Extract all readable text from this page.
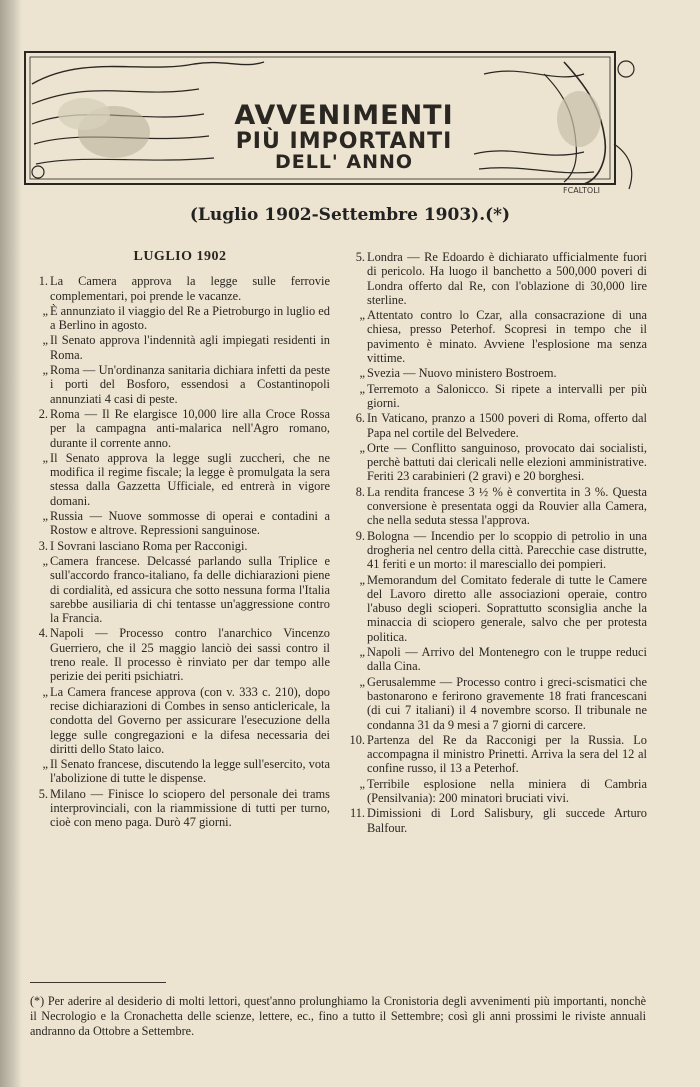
AVVENIMENTI
PIÙ IMPORTANTI
DELL' ANNO
FCALTOLI
(Luglio 1902-Settembre 1903).(*)
LUGLIO 1902
1. La Camera approva la legge sulle ferrovie complementari, poi prende le vacanze.
„ È annunziato il viaggio del Re a Pietroburgo in luglio ed a Berlino in agosto.
„ Il Senato approva l'indennità agli impiegati residenti in Roma.
„ Roma — Un'ordinanza sanitaria dichiara infetti da peste i porti del Bosforo, essendosi a Costantinopoli annunziati 4 casi di peste.
2. Roma — Il Re elargisce 10,000 lire alla Croce Rossa per la campagna anti-malarica nell'Agro romano, durante il corrente anno.
„ Il Senato approva la legge sugli zuccheri, che ne modifica il regime fiscale; la legge è promulgata la sera stessa dalla Gazzetta Ufficiale, ed entrerà in vigore domani.
„ Russia — Nuove sommosse di operai e contadini a Rostow e altrove. Repressioni sanguinose.
3. I Sovrani lasciano Roma per Racconigi.
„ Camera francese. Delcassé parlando sulla Triplice e sull'accordo franco-italiano, fa delle dichiarazioni piene di cordialità, ed assicura che sotto nessuna forma l'Italia sarebbe ausiliaria di chi tentasse un'aggressione contro la Francia.
4. Napoli — Processo contro l'anarchico Vincenzo Guerriero, che il 25 maggio lanciò dei sassi contro il treno reale. Il processo è rinviato per dar tempo alle perizie dei periti psichiatri.
„ La Camera francese approva (con v. 333 c. 210), dopo recise dichiarazioni di Combes in senso anticlericale, la condotta del Governo per assicurare l'esecuzione della legge sulle congregazioni e la difesa necessaria dei diritti dello Stato laico.
„ Il Senato francese, discutendo la legge sull'esercito, vota l'abolizione di tutte le dispense.
5. Milano — Finisce lo sciopero del personale dei trams interprovinciali, con la riammissione di tutti per turno, cioè con meno paga. Durò 47 giorni.
5. Londra — Re Edoardo è dichiarato ufficialmente fuori di pericolo. Ha luogo il banchetto a 500,000 poveri di Londra offerto dal Re, con l'oblazione di 30,000 lire sterline.
„ Attentato contro lo Czar, alla consacrazione di una chiesa, presso Peterhof. Scopresi in tempo che il pavimento è minato. Avviene l'esplosione ma senza vittime.
„ Svezia — Nuovo ministero Bostroem.
„ Terremoto a Salonicco. Si ripete a intervalli per più giorni.
6. In Vaticano, pranzo a 1500 poveri di Roma, offerto dal Papa nel cortile del Belvedere.
„ Orte — Conflitto sanguinoso, provocato dai socialisti, perchè battuti dai clericali nelle elezioni amministrative. Feriti 23 carabinieri (2 gravi) e 20 borghesi.
8. La rendita francese 3 ½ % è convertita in 3 %. Questa conversione è presentata oggi da Rouvier alla Camera, che nella seduta stessa l'approva.
9. Bologna — Incendio per lo scoppio di petrolio in una drogheria nel centro della città. Parecchie case distrutte, 41 feriti e un morto: il maresciallo dei pompieri.
„ Memorandum del Comitato federale di tutte le Camere del Lavoro diretto alle associazioni operaie, contro l'abuso degli scioperi. Soprattutto sconsiglia anche la minaccia di sciopero generale, salvo che per protesta politica.
„ Napoli — Arrivo del Montenegro con le truppe reduci dalla Cina.
„ Gerusalemme — Processo contro i greci-scismatici che bastonarono e ferirono gravemente 18 frati francescani (di cui 7 italiani) il 4 novembre scorso. Il tribunale ne condanna 31 da 9 mesi a 7 giorni di carcere.
10. Partenza del Re da Racconigi per la Russia. Lo accompagna il ministro Prinetti. Arriva la sera del 12 al confine russo, il 13 a Peterhof.
„ Terribile esplosione nella miniera di Cambria (Pensilvania): 200 minatori bruciati vivi.
11. Dimissioni di Lord Salisbury, gli succede Arturo Balfour.
(*) Per aderire al desiderio di molti lettori, quest'anno prolunghiamo la Cronistoria degli avvenimenti più importanti, nonchè il Necrologio e la Cronachetta delle scienze, lettere, ec., fino a tutto il Settembre; così gli anni prossimi le riviste annuali andranno da Ottobre a Settembre.
